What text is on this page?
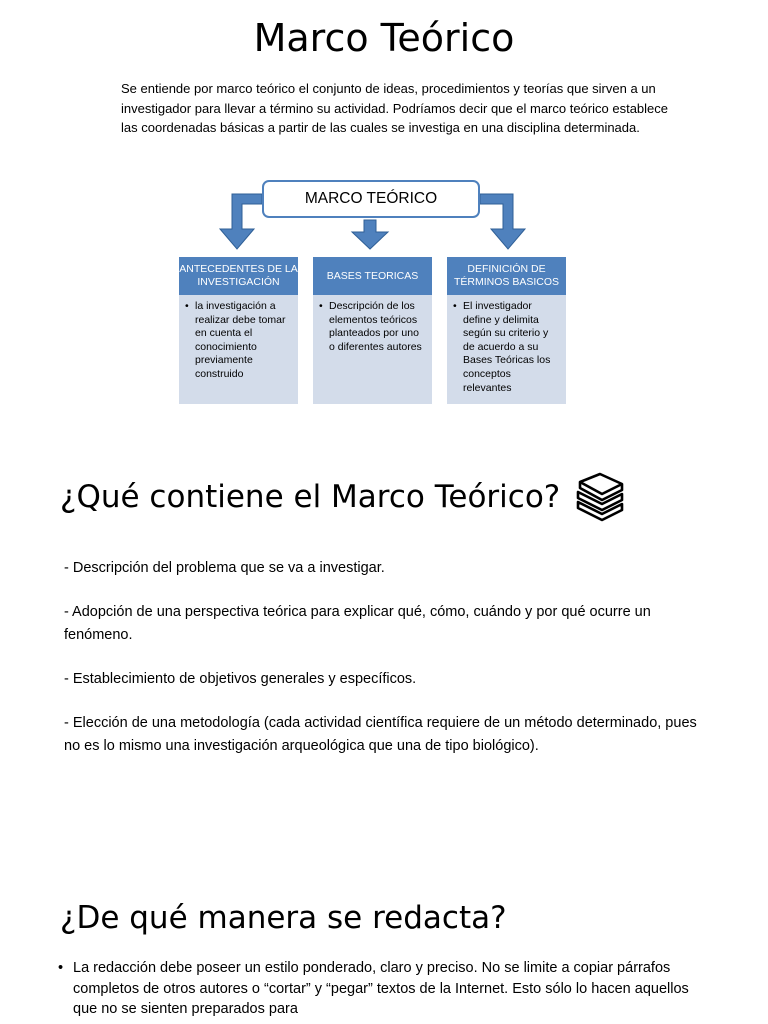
Marco Teórico

Se entiende por marco teórico el conjunto de ideas, procedimientos y teorías que sirven a un investigador para llevar a término su actividad. Podríamos decir que el marco teórico establece las coordenadas básicas a partir de las cuales se investiga en una disciplina determinada.

MARCO TEÓRICO
ANTECEDENTES DE LA INVESTIGACIÓN
• la investigación a realizar debe tomar en cuenta el conocimiento previamente construido
BASES TEORICAS
• Descripción de los elementos teóricos planteados por uno o diferentes autores
DEFINICIÓN DE TÉRMINOS BASICOS
• El investigador define y delimita según su criterio y de acuerdo a su Bases Teóricas los conceptos relevantes
¿Qué contiene el Marco Teórico?

- Descripción del problema que se va a investigar.

- Adopción de una perspectiva teórica para explicar qué, cómo, cuándo y por qué ocurre un fenómeno.

- Establecimiento de objetivos generales y específicos.

- Elección de una metodología (cada actividad científica requiere de un método determinado, pues no es lo mismo una investigación arqueológica que una de tipo biológico).

¿De qué manera se redacta?
• La redacción debe poseer un estilo ponderado, claro y preciso. No se limite a copiar párrafos completos de otros autores o “cortar” y “pegar” textos de la Internet. Esto sólo lo hacen aquellos que no se sienten preparados para
